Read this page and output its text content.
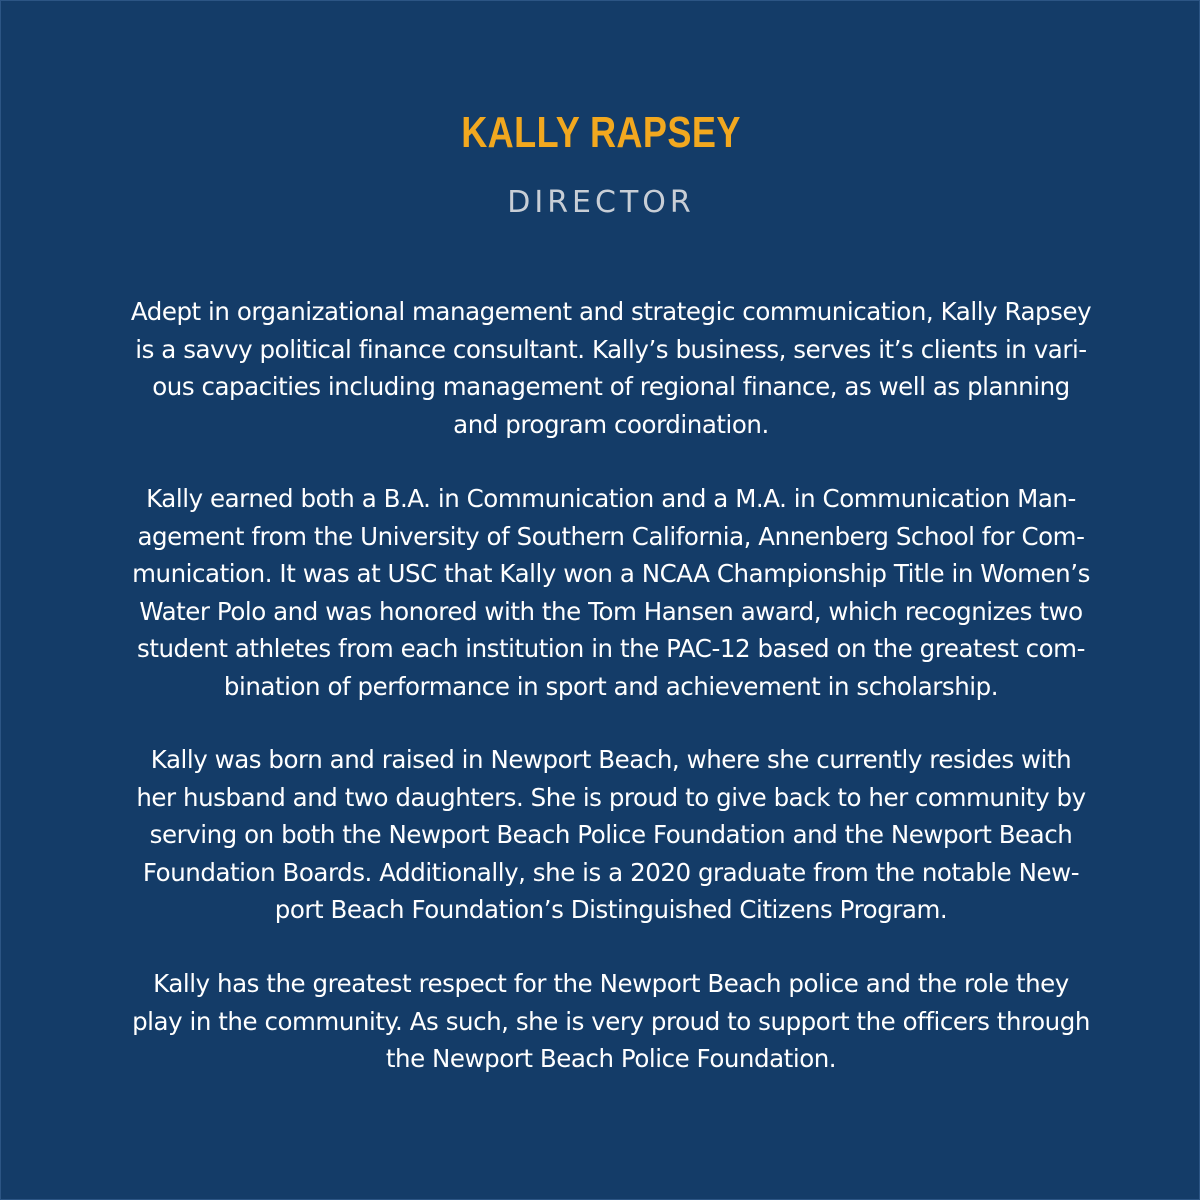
KALLY RAPSEY
DIRECTOR

Adept in organizational management and strategic communication, Kally Rapsey
is a savvy political finance consultant. Kally’s business, serves it’s clients in vari-
ous capacities including management of regional finance, as well as planning
and program coordination.

Kally earned both a B.A. in Communication and a M.A. in Communication Man-
agement from the University of Southern California, Annenberg School for Com-
munication. It was at USC that Kally won a NCAA Championship Title in Women’s
Water Polo and was honored with the Tom Hansen award, which recognizes two
student athletes from each institution in the PAC-12 based on the greatest com-
bination of performance in sport and achievement in scholarship.

Kally was born and raised in Newport Beach, where she currently resides with
her husband and two daughters. She is proud to give back to her community by
serving on both the Newport Beach Police Foundation and the Newport Beach
Foundation Boards. Additionally, she is a 2020 graduate from the notable New-
port Beach Foundation’s Distinguished Citizens Program.

Kally has the greatest respect for the Newport Beach police and the role they
play in the community. As such, she is very proud to support the officers through
the Newport Beach Police Foundation.
